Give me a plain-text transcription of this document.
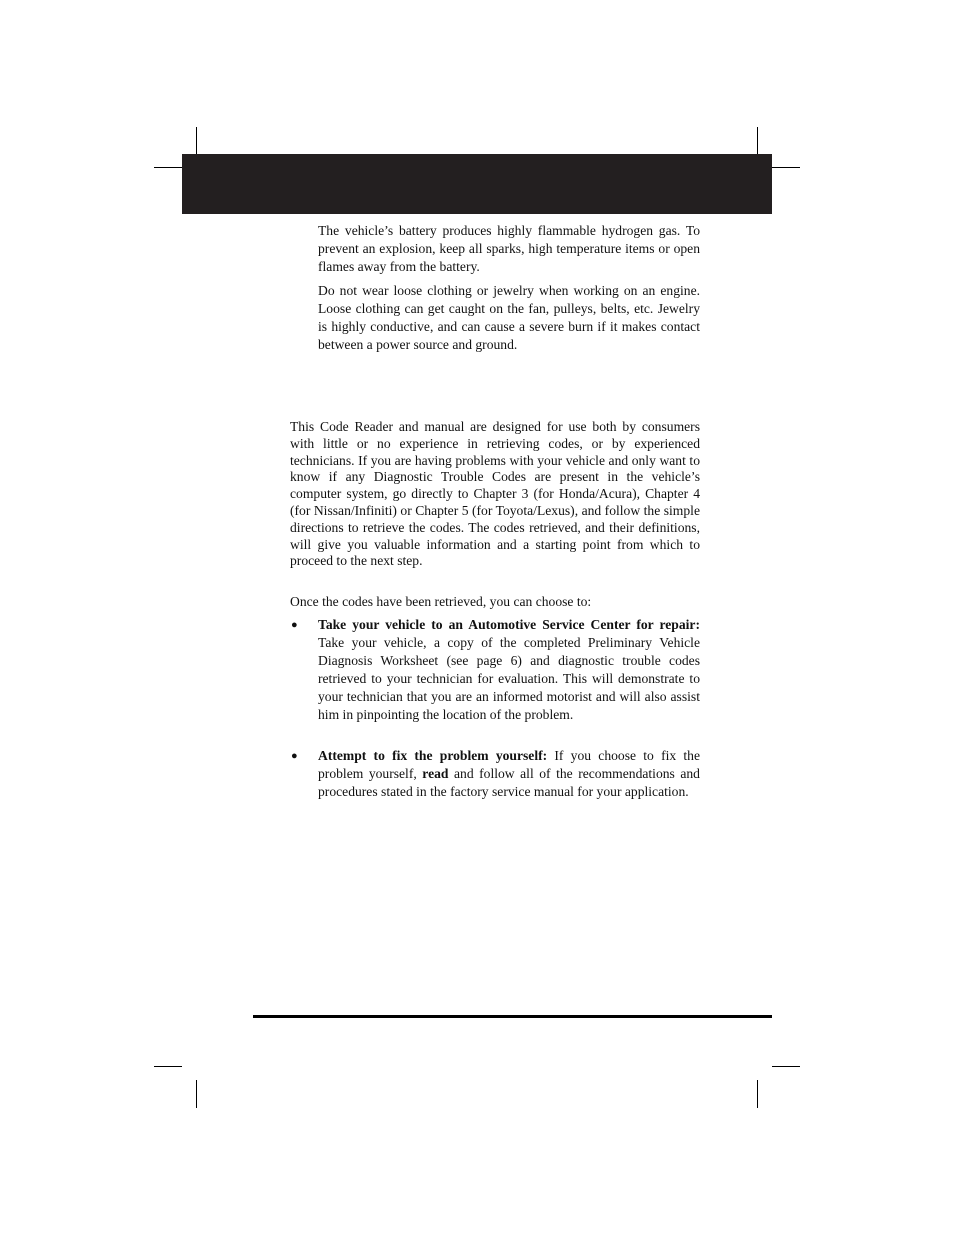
The vehicle’s battery produces highly flammable hydrogen gas. To prevent an explosion, keep all sparks, high temperature items or open flames away from the battery.

Do not wear loose clothing or jewelry when working on an engine. Loose clothing can get caught on the fan, pulleys, belts, etc. Jewelry is highly conductive, and can cause a severe burn if it makes contact between a power source and ground.

This Code Reader and manual are designed for use both by consumers with little or no experience in retrieving codes, or by experienced technicians. If you are having problems with your vehicle and only want to know if any Diagnostic Trouble Codes are present in the vehicle’s computer system, go directly to Chapter 3 (for Honda/Acura), Chapter 4 (for Nissan/Infiniti) or Chapter 5 (for Toyota/Lexus), and follow the simple directions to retrieve the codes. The codes retrieved, and their definitions, will give you valuable information and a starting point from which to proceed to the next step.

Once the codes have been retrieved, you can choose to:

●	Take your vehicle to an Automotive Service Center for repair: Take your vehicle, a copy of the completed Preliminary Vehicle Diagnosis Worksheet (see page 6) and diagnostic trouble codes retrieved to your technician for evaluation. This will demonstrate to your technician that you are an informed motorist and will also assist him in pinpointing the location of the problem.
●	Attempt to fix the problem yourself: If you choose to fix the problem yourself, read and follow all of the recommendations and procedures stated in the factory service manual for your application.
